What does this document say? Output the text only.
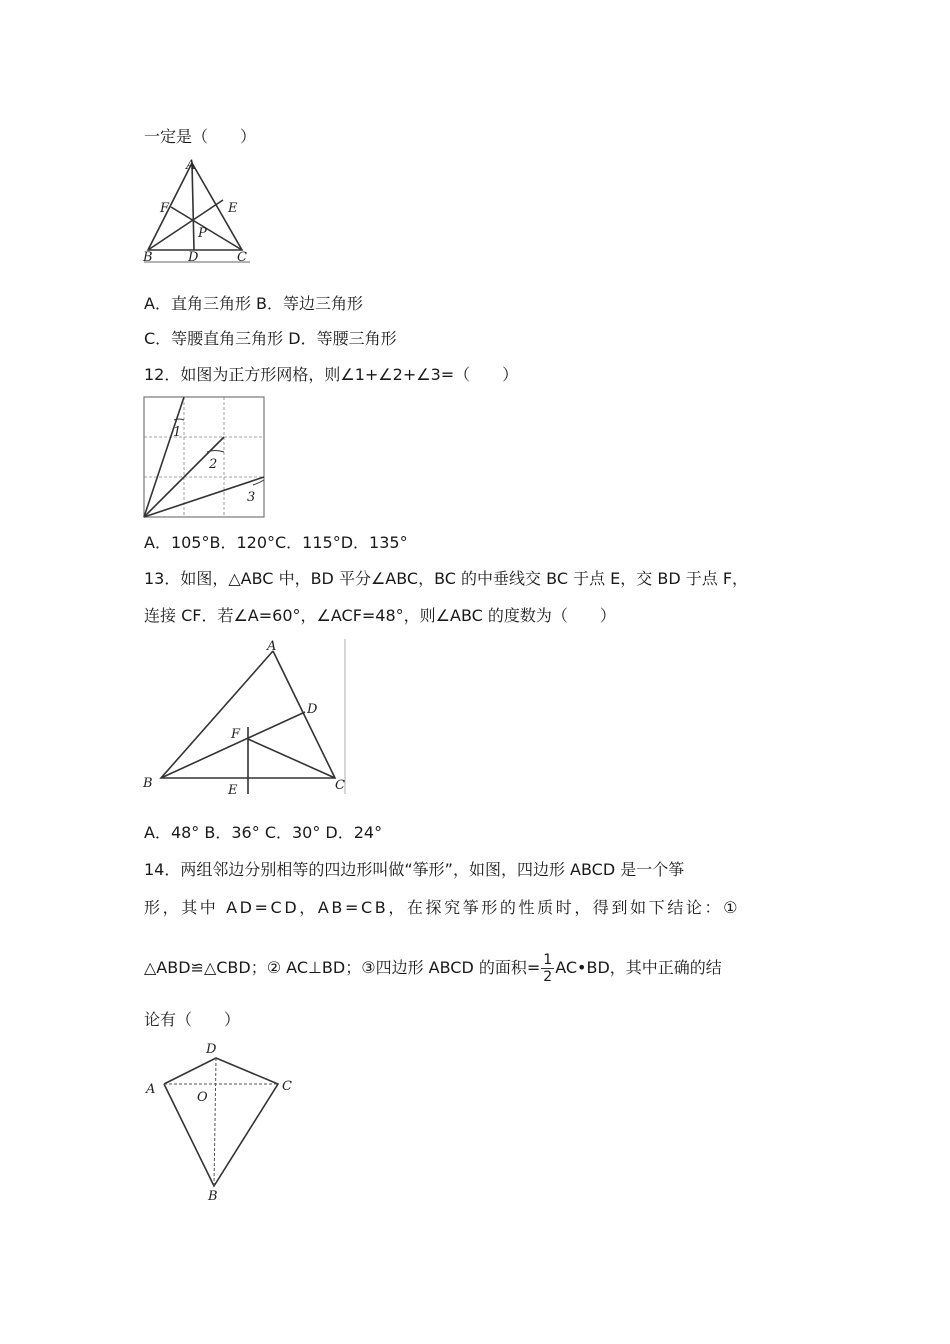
一定是（　　）
A
F	E
P
B	D	C
A．直角三角形 B．等边三角形
C．等腰直角三角形 D．等腰三角形
12．如图为正方形网格，则∠1+∠2+∠3=（　　）
1
2
3
A．105°B．120°C．115°D．135°
13．如图，△ABC 中，BD 平分∠ABC，BC 的中垂线交 BC 于点 E，交 BD 于点 F，
连接 CF．若∠A=60°，∠ACF=48°，则∠ABC 的度数为（　　）
A
D
F
B	E	C
A．48° B．36° C．30° D．24°
14．两组邻边分别相等的四边形叫做“筝形”，如图，四边形 ABCD 是一个筝
形，其中 AD=CD，AB=CB，在探究筝形的性质时，得到如下结论：①
△ABD≌△CBD；② AC⊥BD；③四边形 ABCD 的面积= $\frac{1}{2}$ AC•BD，其中正确的结
论有（　　）
D
A
O
C
B
